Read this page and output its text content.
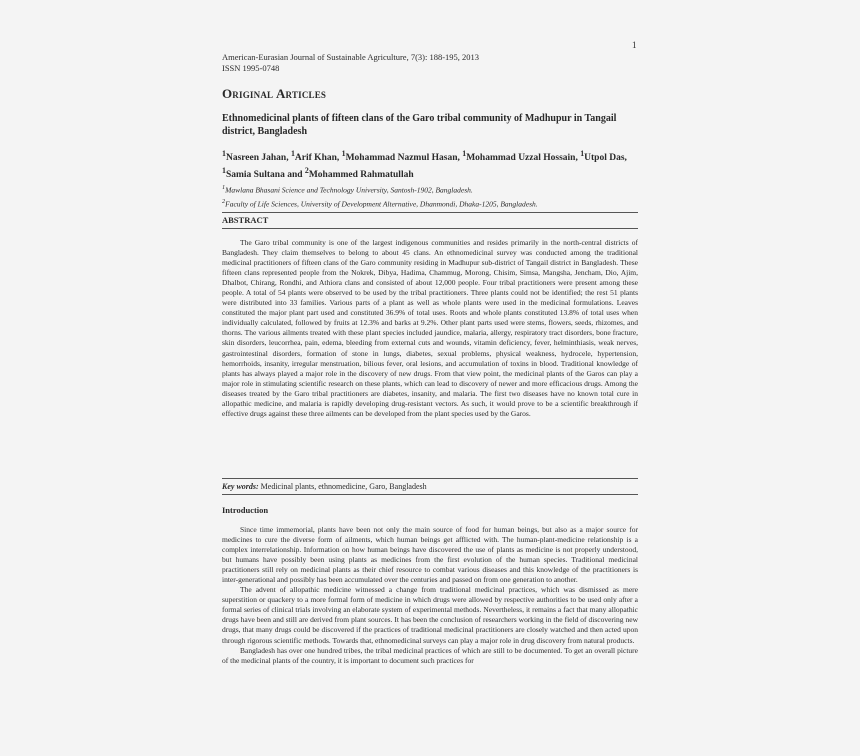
1
American-Eurasian Journal of Sustainable Agriculture, 7(3): 188-195, 2013
ISSN 1995-0748
Original Articles
Ethnomedicinal plants of fifteen clans of the Garo tribal community of Madhupur in Tangail district, Bangladesh
$^1$Nasreen Jahan, $^1$Arif Khan, $^1$Mohammad Nazmul Hasan, $^1$Mohammad Uzzal Hossain, $^1$Utpol Das, $^1$Samia Sultana and $^2$Mohammed Rahmatullah
$^1$Mawlana Bhasani Science and Technology University, Santosh-1902, Bangladesh.
$^2$Faculty of Life Sciences, University of Development Alternative, Dhanmondi, Dhaka-1205, Bangladesh.
ABSTRACT
The Garo tribal community is one of the largest indigenous communities and resides primarily in the north-central districts of Bangladesh. They claim themselves to belong to about 45 clans. An ethnomedicinal survey was conducted among the traditional medicinal practitioners of fifteen clans of the Garo community residing in Madhupur sub-district of Tangail district in Bangladesh. These fifteen clans represented people from the Nokrek, Dibya, Hadima, Chammug, Morong, Chisim, Simsa, Mangsha, Jencham, Dio, Ajim, Dhalbot, Chirang, Rondhi, and Athiora clans and consisted of about 12,000 people. Four tribal practitioners were present among these people. A total of 54 plants were observed to be used by the tribal practitioners. Three plants could not be identified; the rest 51 plants were distributed into 33 families. Various parts of a plant as well as whole plants were used in the medicinal formulations. Leaves constituted the major plant part used and constituted 36.9% of total uses. Roots and whole plants constituted 13.8% of total uses when individually calculated, followed by fruits at 12.3% and barks at 9.2%. Other plant parts used were stems, flowers, seeds, rhizomes, and thorns. The various ailments treated with these plant species included jaundice, malaria, allergy, respiratory tract disorders, bone fracture, skin disorders, leucorrhea, pain, edema, bleeding from external cuts and wounds, vitamin deficiency, fever, helminthiasis, weak nerves, gastrointestinal disorders, formation of stone in lungs, diabetes, sexual problems, physical weakness, hydrocele, hypertension, hemorrhoids, insanity, irregular menstruation, bilious fever, oral lesions, and accumulation of toxins in blood. Traditional knowledge of plants has always played a major role in the discovery of new drugs. From that view point, the medicinal plants of the Garos can play a major role in stimulating scientific research on these plants, which can lead to discovery of newer and more efficacious drugs. Among the diseases treated by the Garo tribal practitioners are diabetes, insanity, and malaria. The first two diseases have no known total cure in allopathic medicine, and malaria is rapidly developing drug-resistant vectors. As such, it would prove to be a scientific breakthrough if effective drugs against these three ailments can be developed from the plant species used by the Garos.
Key words: Medicinal plants, ethnomedicine, Garo, Bangladesh
Introduction

Since time immemorial, plants have been not only the main source of food for human beings, but also as a major source for medicines to cure the diverse form of ailments, which human beings get afflicted with. The human-plant-medicine relationship is a complex interrelationship. Information on how human beings have discovered the use of plants as medicine is not properly understood, but humans have possibly been using plants as medicines from the first evolution of the human species. Traditional medicinal practitioners still rely on medicinal plants as their chief resource to combat various diseases and this knowledge of the practitioners is inter-generational and possibly has been accumulated over the centuries and passed on from one generation to another.

The advent of allopathic medicine witnessed a change from traditional medicinal practices, which was dismissed as mere superstition or quackery to a more formal form of medicine in which drugs were allowed by respective authorities to be used only after a formal series of clinical trials involving an elaborate system of experimental methods. Nevertheless, it remains a fact that many allopathic drugs have been and still are derived from plant sources. It has been the conclusion of researchers working in the field of discovering new drugs, that many drugs could be discovered if the practices of traditional medicinal practitioners are closely watched and then acted upon through rigorous scientific methods. Towards that, ethnomedicinal surveys can play a major role in drug discovery from natural products.

Bangladesh has over one hundred tribes, the tribal medicinal practices of which are still to be documented. To get an overall picture of the medicinal plants of the country, it is important to document such practices for
